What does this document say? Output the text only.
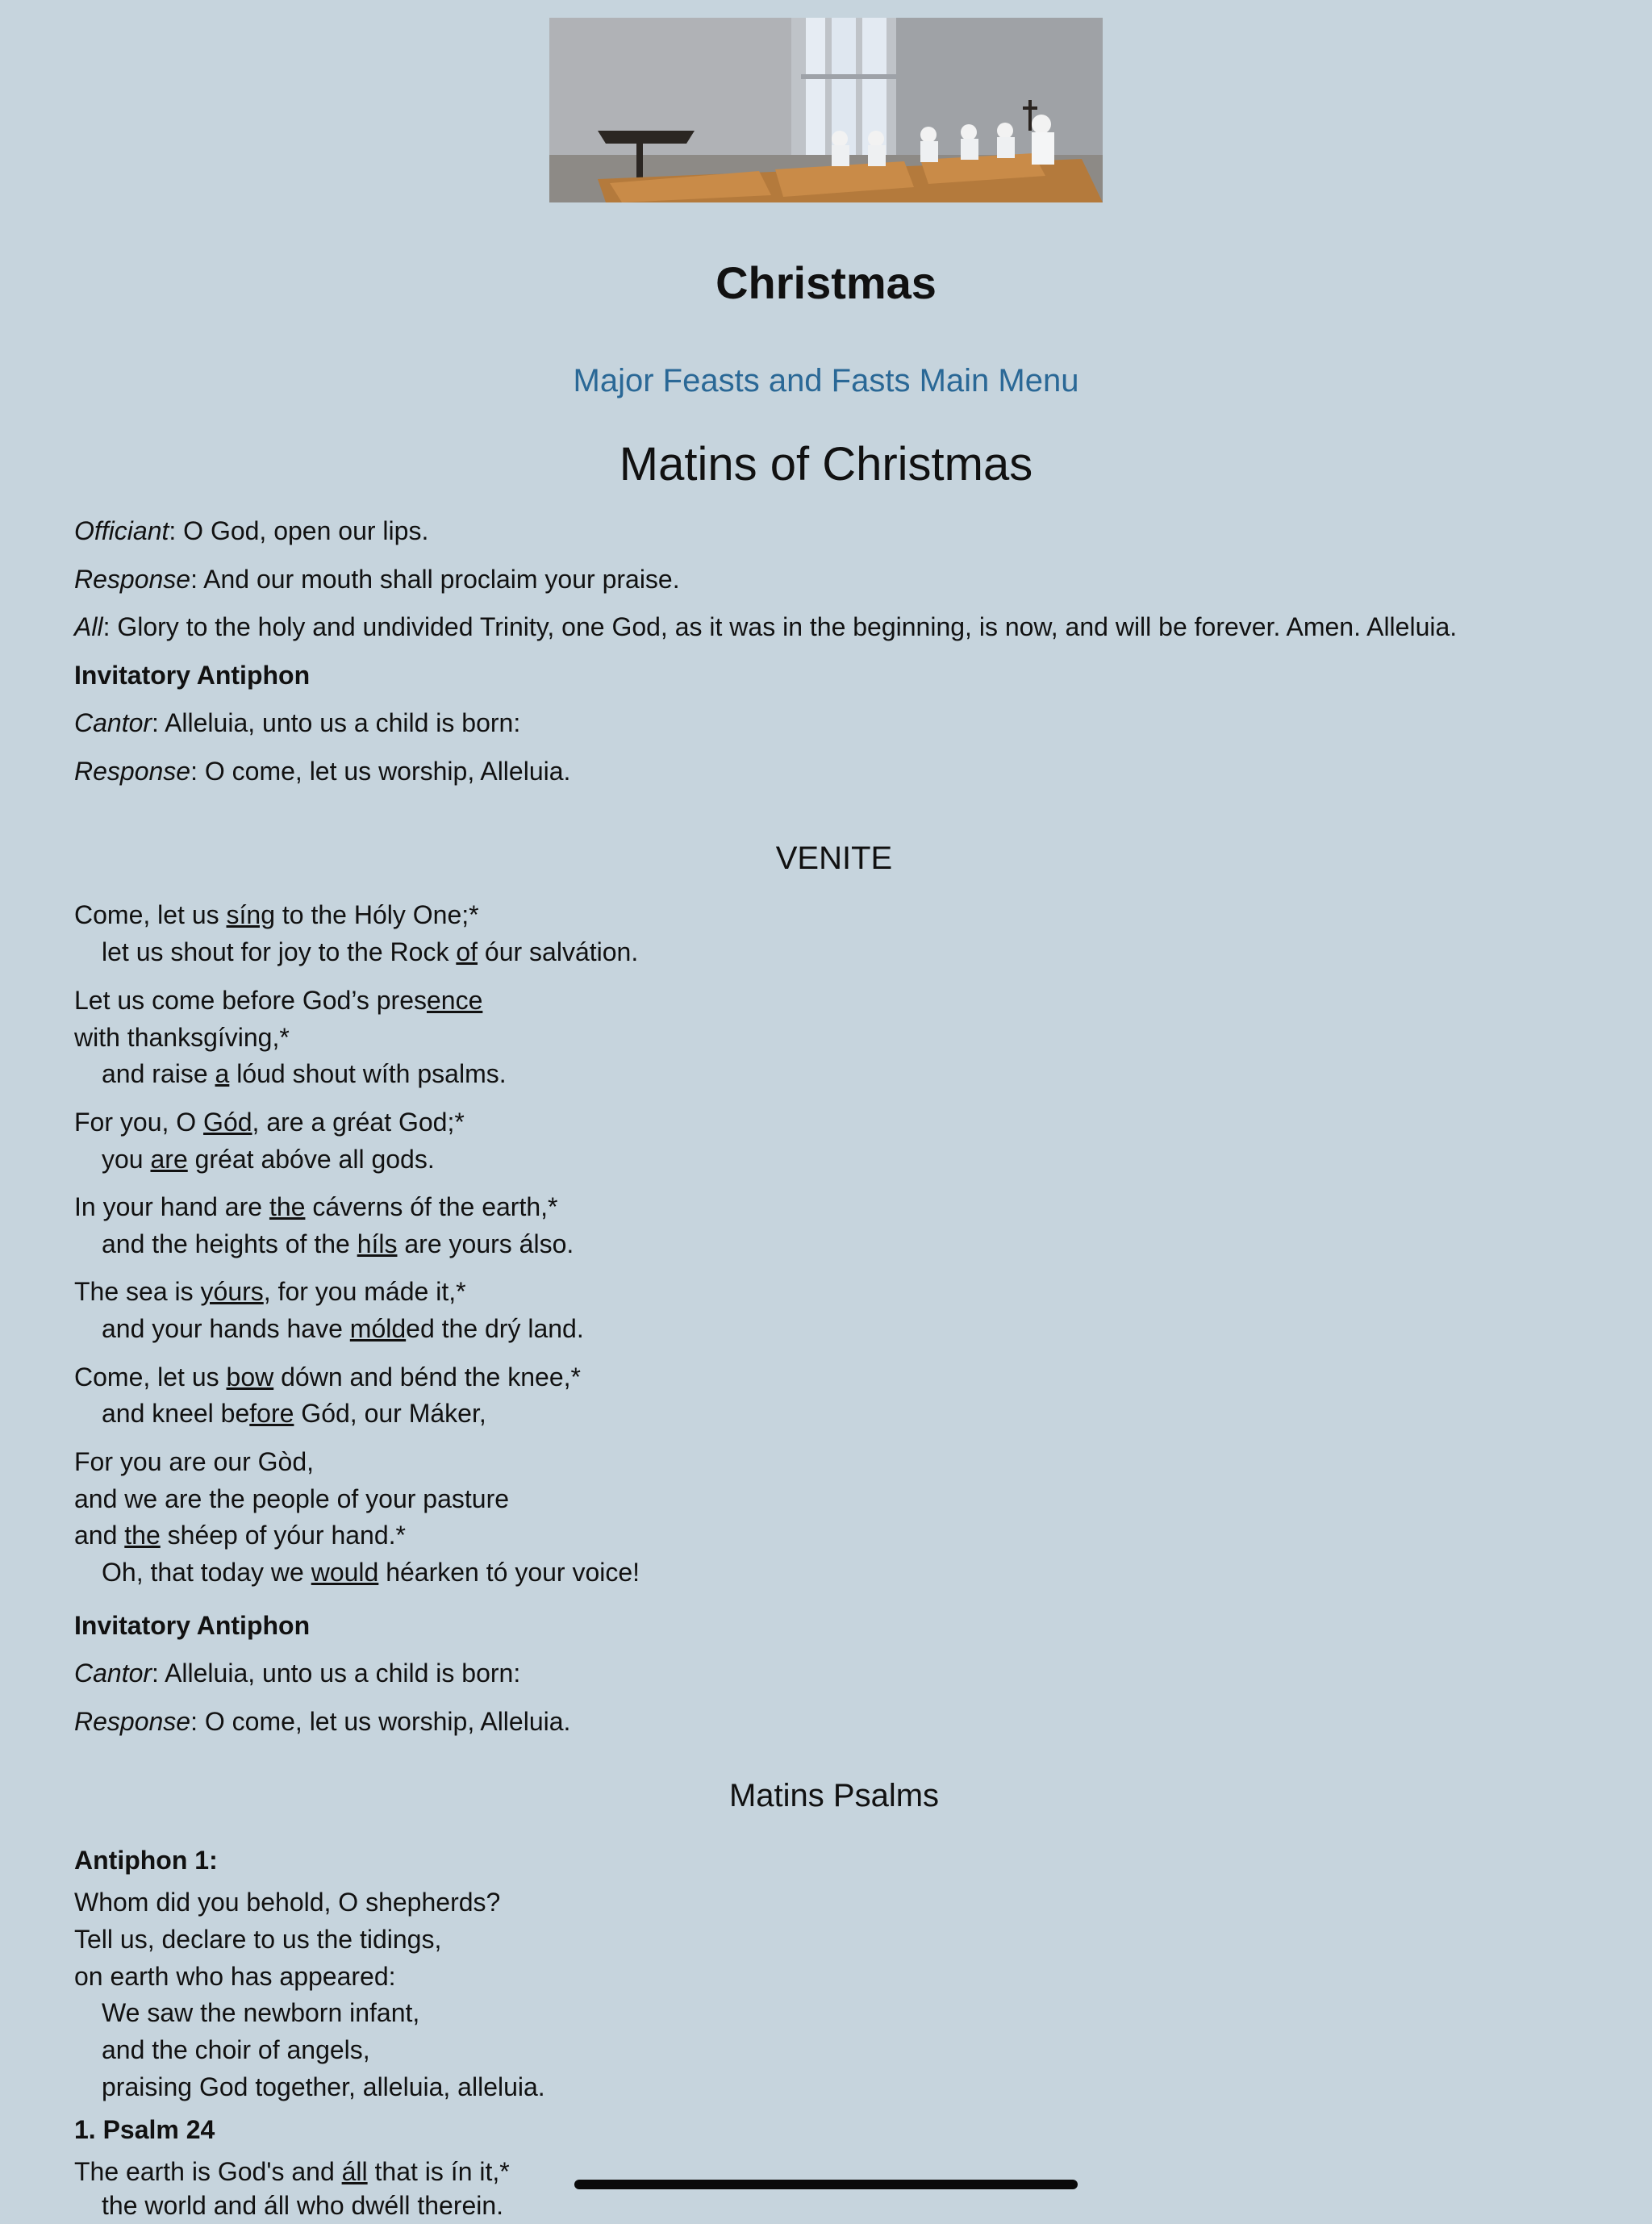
Christmas
Major Feasts and Fasts Main Menu
Matins of Christmas
Officiant: O God, open our lips.
Response: And our mouth shall proclaim your praise.
All: Glory to the holy and undivided Trinity, one God, as it was in the beginning, is now, and will be forever. Amen. Alleluia.
Invitatory Antiphon
Cantor: Alleluia, unto us a child is born:
Response: O come, let us worship, Alleluia.
VENITE
Come, let us síng to the Hóly One;*
let us shout for joy to the Rock of óur salvátion.
Let us come before God’s presence
with thanksgíving,*
and raise a lóud shout wíth psalms.
For you, O Gód, are a gréat God;*
you are gréat abóve all gods.
In your hand are the cáverns óf the earth,*
and the heights of the híls are yours álso.
The sea is yóurs, for you máde it,*
and your hands have mólded the drý land.
Come, let us bow dówn and bénd the knee,*
and kneel before Gód, our Máker,
For you are our Gòd,
and we are the people of your pasture
and the shéep of yóur hand.*
Oh, that today we would héarken tó your voice!
Invitatory Antiphon
Cantor: Alleluia, unto us a child is born:
Response: O come, let us worship, Alleluia.
Matins Psalms
Antiphon 1:
Whom did you behold, O shepherds?
Tell us, declare to us the tidings,
on earth who has appeared:
We saw the newborn infant,
and the choir of angels,
praising God together, alleluia, alleluia.
1. Psalm 24
The earth is God's and áll that is ín it,*
the world and áll who dwéll therein.
